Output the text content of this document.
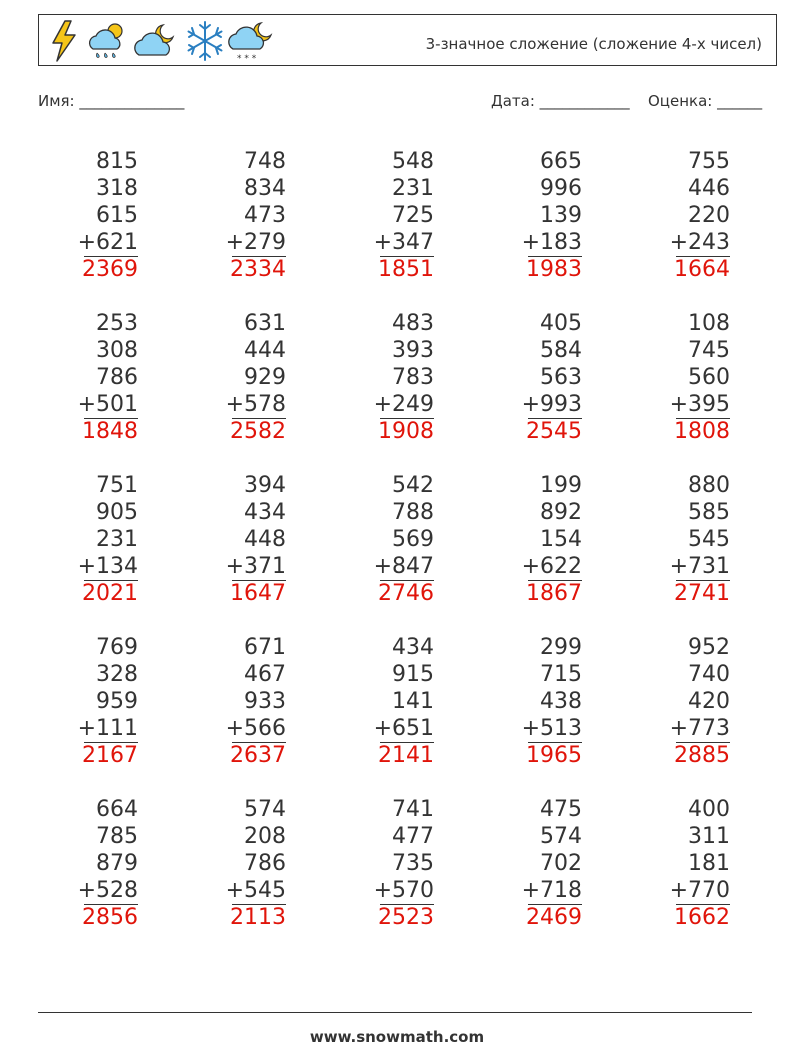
* * *
3-значное сложение (сложение 4-х чисел)
Имя: ______________	Дата: ____________ Оценка: ______
815
318
615
+621
2369
748
834
473
+279
2334
548
231
725
+347
1851
665
996
139
+183
1983
755
446
220
+243
1664
253
308
786
+501
1848
631
444
929
+578
2582
483
393
783
+249
1908
405
584
563
+993
2545
108
745
560
+395
1808
751
905
231
+134
2021
394
434
448
+371
1647
542
788
569
+847
2746
199
892
154
+622
1867
880
585
545
+731
2741
769
328
959
+111
2167
671
467
933
+566
2637
434
915
141
+651
2141
299
715
438
+513
1965
952
740
420
+773
2885
664
785
879
+528
2856
574
208
786
+545
2113
741
477
735
+570
2523
475
574
702
+718
2469
400
311
181
+770
1662
www.snowmath.com
